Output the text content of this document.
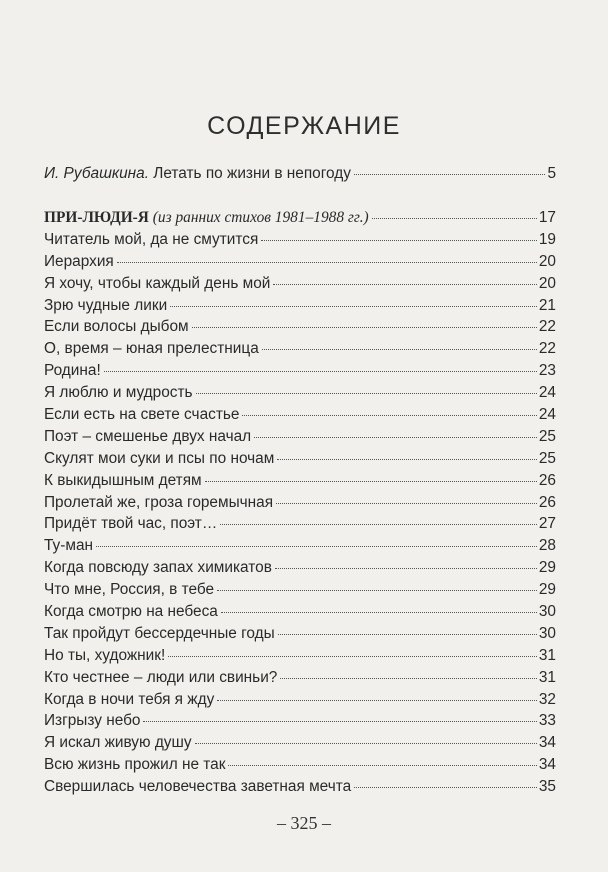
СОДЕРЖАНИЕ
И. Рубашкина. Летать по жизни в непогоду	5
ПРИ-ЛЮДИ-Я (из ранних стихов 1981–1988 гг.)	17
Читатель мой, да не смутится	19
Иерархия	20
Я хочу, чтобы каждый день мой	20
Зрю чудные лики	21
Если волосы дыбом	22
О, время – юная прелестница	22
Родина!	23
Я люблю и мудрость	24
Если есть на свете счастье	24
Поэт – смешенье двух начал	25
Скулят мои суки и псы по ночам	25
К выкидышным детям	26
Пролетай же, гроза горемычная	26
Придёт твой час, поэт…	27
Ту-ман	28
Когда повсюду запах химикатов	29
Что мне, Россия, в тебе	29
Когда смотрю на небеса	30
Так пройдут бессердечные годы	30
Но ты, художник!	31
Кто честнее – люди или свиньи?	31
Когда в ночи тебя я жду	32
Изгрызу небо	33
Я искал живую душу	34
Всю жизнь прожил не так	34
Свершилась человечества заветная мечта	35
– 325 –
